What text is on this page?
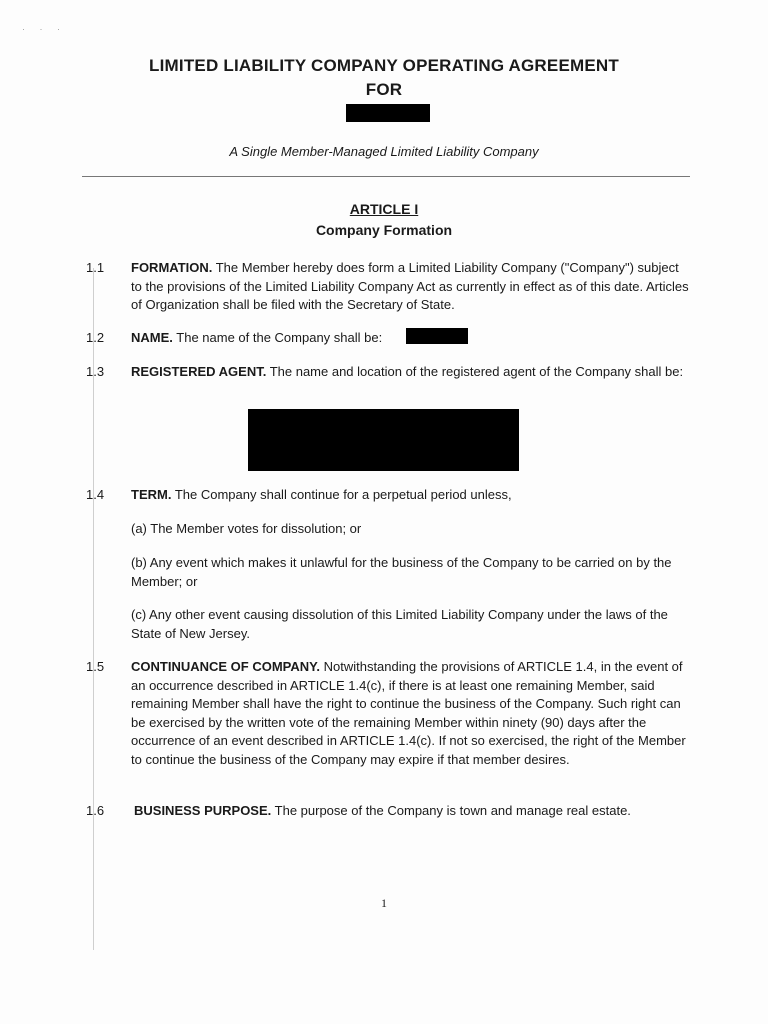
· · ·
LIMITED LIABILITY COMPANY OPERATING AGREEMENT
FOR
A Single Member-Managed Limited Liability Company
ARTICLE I
Company Formation
1.1 FORMATION. The Member hereby does form a Limited Liability Company ("Company") subject to the provisions of the Limited Liability Company Act as currently in effect as of this date. Articles of Organization shall be filed with the Secretary of State.
1.2 NAME. The name of the Company shall be:
1.3 REGISTERED AGENT. The name and location of the registered agent of the Company shall be:
1.4 TERM. The Company shall continue for a perpetual period unless,
(a) The Member votes for dissolution; or
(b) Any event which makes it unlawful for the business of the Company to be carried on by the Member; or
(c) Any other event causing dissolution of this Limited Liability Company under the laws of the State of New Jersey.
1.5 CONTINUANCE OF COMPANY. Notwithstanding the provisions of ARTICLE 1.4, in the event of an occurrence described in ARTICLE 1.4(c), if there is at least one remaining Member, said remaining Member shall have the right to continue the business of the Company. Such right can be exercised by the written vote of the remaining Member within ninety (90) days after the occurrence of an event described in ARTICLE 1.4(c). If not so exercised, the right of the Member to continue the business of the Company may expire if that member desires.
1.6 BUSINESS PURPOSE. The purpose of the Company is town and manage real estate.
1
